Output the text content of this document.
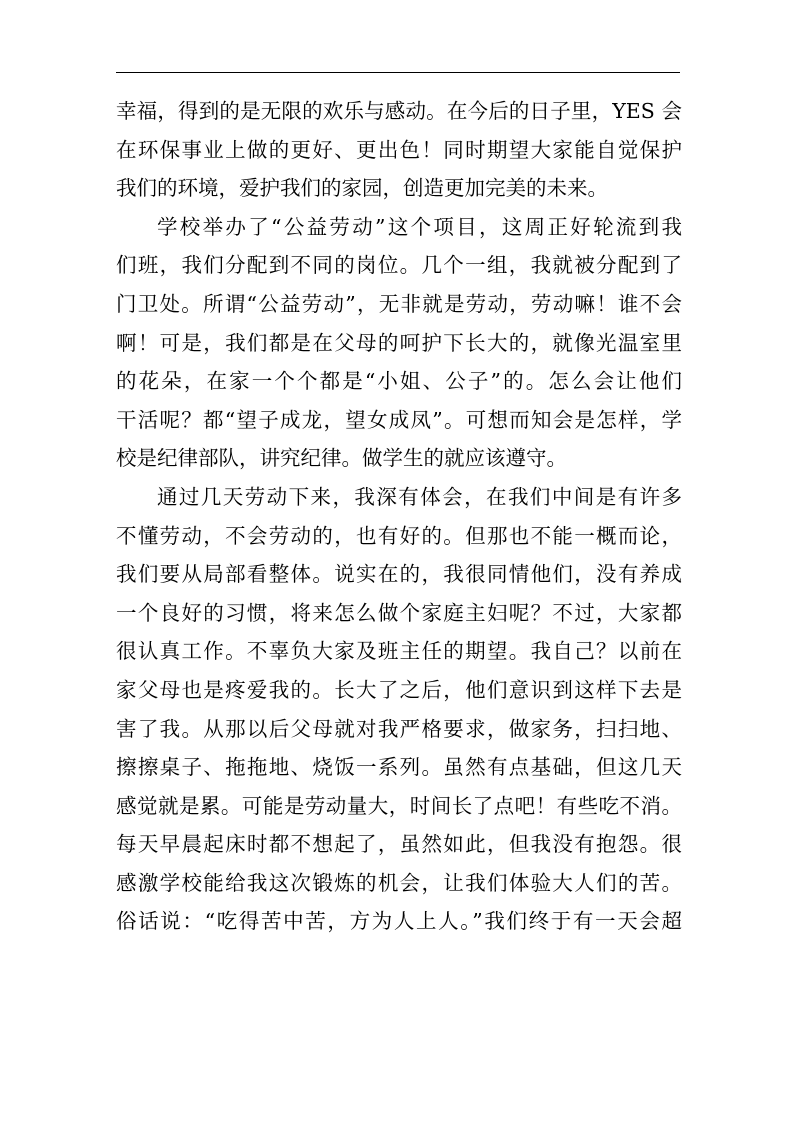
幸福，得到的是无限的欢乐与感动。在今后的日子里，YES 会
在环保事业上做的更好、更出色！同时期望大家能自觉保护
我们的环境，爱护我们的家园，创造更加完美的未来。
学校举办了“公益劳动”这个项目，这周正好轮流到我
们班，我们分配到不同的岗位。几个一组，我就被分配到了
门卫处。所谓“公益劳动”，无非就是劳动，劳动嘛！谁不会
啊！可是，我们都是在父母的呵护下长大的，就像光温室里
的花朵，在家一个个都是“小姐、公子”的。怎么会让他们
干活呢？都“望子成龙，望女成凤”。可想而知会是怎样，学
校是纪律部队，讲究纪律。做学生的就应该遵守。
通过几天劳动下来，我深有体会，在我们中间是有许多
不懂劳动，不会劳动的，也有好的。但那也不能一概而论，
我们要从局部看整体。说实在的，我很同情他们，没有养成
一个良好的习惯，将来怎么做个家庭主妇呢？不过，大家都
很认真工作。不辜负大家及班主任的期望。我自己？以前在
家父母也是疼爱我的。长大了之后，他们意识到这样下去是
害了我。从那以后父母就对我严格要求，做家务，扫扫地、
擦擦桌子、拖拖地、烧饭一系列。虽然有点基础，但这几天
感觉就是累。可能是劳动量大，时间长了点吧！有些吃不消。
每天早晨起床时都不想起了，虽然如此，但我没有抱怨。很
感激学校能给我这次锻炼的机会，让我们体验大人们的苦。
俗话说：“吃得苦中苦，方为人上人。”我们终于有一天会超
